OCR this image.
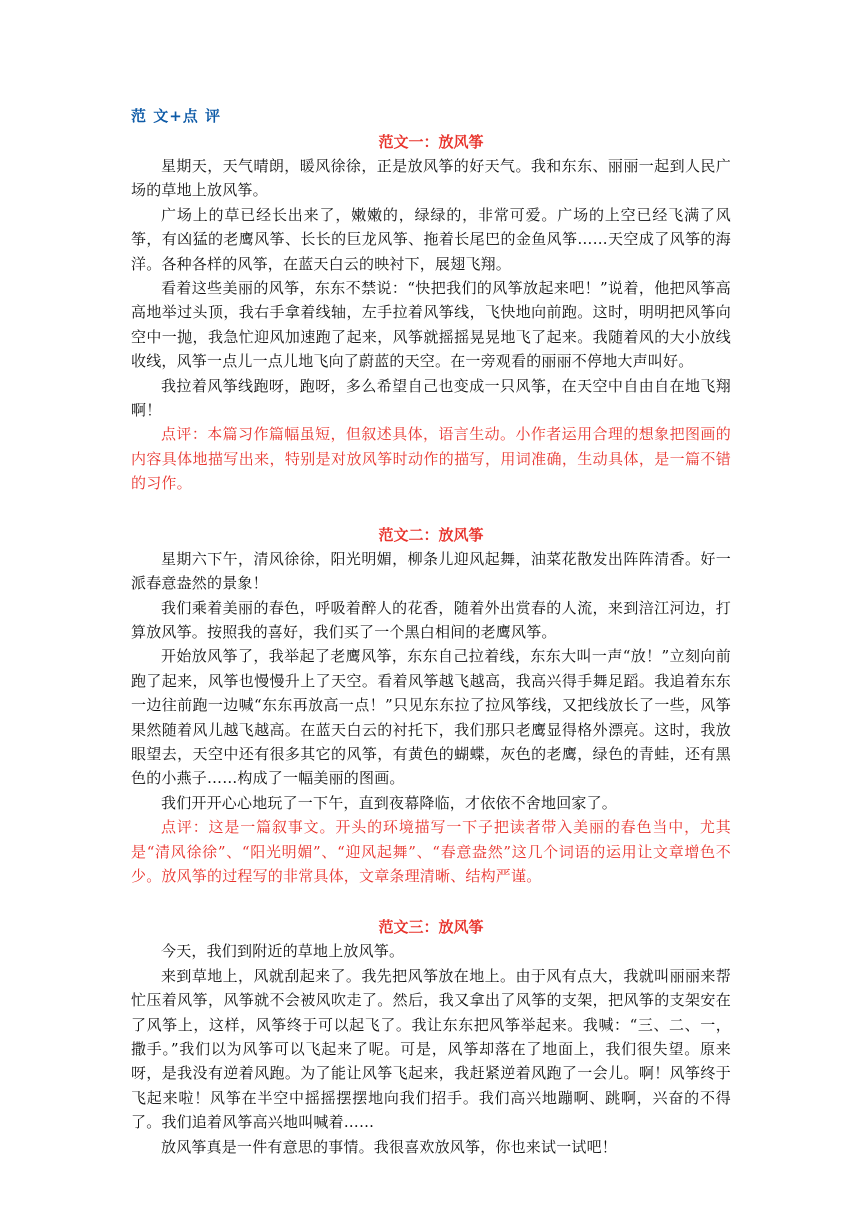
范 文+点 评
范文一：放风筝

星期天，天气晴朗，暖风徐徐，正是放风筝的好天气。我和东东、丽丽一起到人民广场的草地上放风筝。

广场上的草已经长出来了，嫩嫩的，绿绿的，非常可爱。广场的上空已经飞满了风筝，有凶猛的老鹰风筝、长长的巨龙风筝、拖着长尾巴的金鱼风筝……天空成了风筝的海洋。各种各样的风筝，在蓝天白云的映衬下，展翅飞翔。

看着这些美丽的风筝，东东不禁说：“快把我们的风筝放起来吧！”说着，他把风筝高高地举过头顶，我右手拿着线轴，左手拉着风筝线，飞快地向前跑。这时，明明把风筝向空中一抛，我急忙迎风加速跑了起来，风筝就摇摇晃晃地飞了起来。我随着风的大小放线收线，风筝一点儿一点儿地飞向了蔚蓝的天空。在一旁观看的丽丽不停地大声叫好。

我拉着风筝线跑呀，跑呀，多么希望自己也变成一只风筝，在天空中自由自在地飞翔啊！

点评：本篇习作篇幅虽短，但叙述具体，语言生动。小作者运用合理的想象把图画的内容具体地描写出来，特别是对放风筝时动作的描写，用词准确，生动具体，是一篇不错的习作。

范文二：放风筝

星期六下午，清风徐徐，阳光明媚，柳条儿迎风起舞，油菜花散发出阵阵清香。好一派春意盎然的景象！

我们乘着美丽的春色，呼吸着醉人的花香，随着外出赏春的人流，来到涪江河边，打算放风筝。按照我的喜好，我们买了一个黑白相间的老鹰风筝。

开始放风筝了，我举起了老鹰风筝，东东自己拉着线，东东大叫一声“放！”立刻向前跑了起来，风筝也慢慢升上了天空。看着风筝越飞越高，我高兴得手舞足蹈。我追着东东一边往前跑一边喊“东东再放高一点！”只见东东拉了拉风筝线，又把线放长了一些，风筝果然随着风儿越飞越高。在蓝天白云的衬托下，我们那只老鹰显得格外漂亮。这时，我放眼望去，天空中还有很多其它的风筝，有黄色的蝴蝶，灰色的老鹰，绿色的青蛙，还有黑色的小燕子……构成了一幅美丽的图画。

我们开开心心地玩了一下午，直到夜幕降临，才依依不舍地回家了。

点评：这是一篇叙事文。开头的环境描写一下子把读者带入美丽的春色当中，尤其是“清风徐徐”、“阳光明媚”、“迎风起舞”、“春意盎然”这几个词语的运用让文章增色不少。放风筝的过程写的非常具体，文章条理清晰、结构严谨。

范文三：放风筝

今天，我们到附近的草地上放风筝。

来到草地上，风就刮起来了。我先把风筝放在地上。由于风有点大，我就叫丽丽来帮忙压着风筝，风筝就不会被风吹走了。然后，我又拿出了风筝的支架，把风筝的支架安在了风筝上，这样，风筝终于可以起飞了。我让东东把风筝举起来。我喊：“三、二、一，撒手。”我们以为风筝可以飞起来了呢。可是，风筝却落在了地面上，我们很失望。原来呀，是我没有逆着风跑。为了能让风筝飞起来，我赶紧逆着风跑了一会儿。啊！风筝终于飞起来啦！风筝在半空中摇摇摆摆地向我们招手。我们高兴地蹦啊、跳啊，兴奋的不得了。我们追着风筝高兴地叫喊着……

放风筝真是一件有意思的事情。我很喜欢放风筝，你也来试一试吧！
